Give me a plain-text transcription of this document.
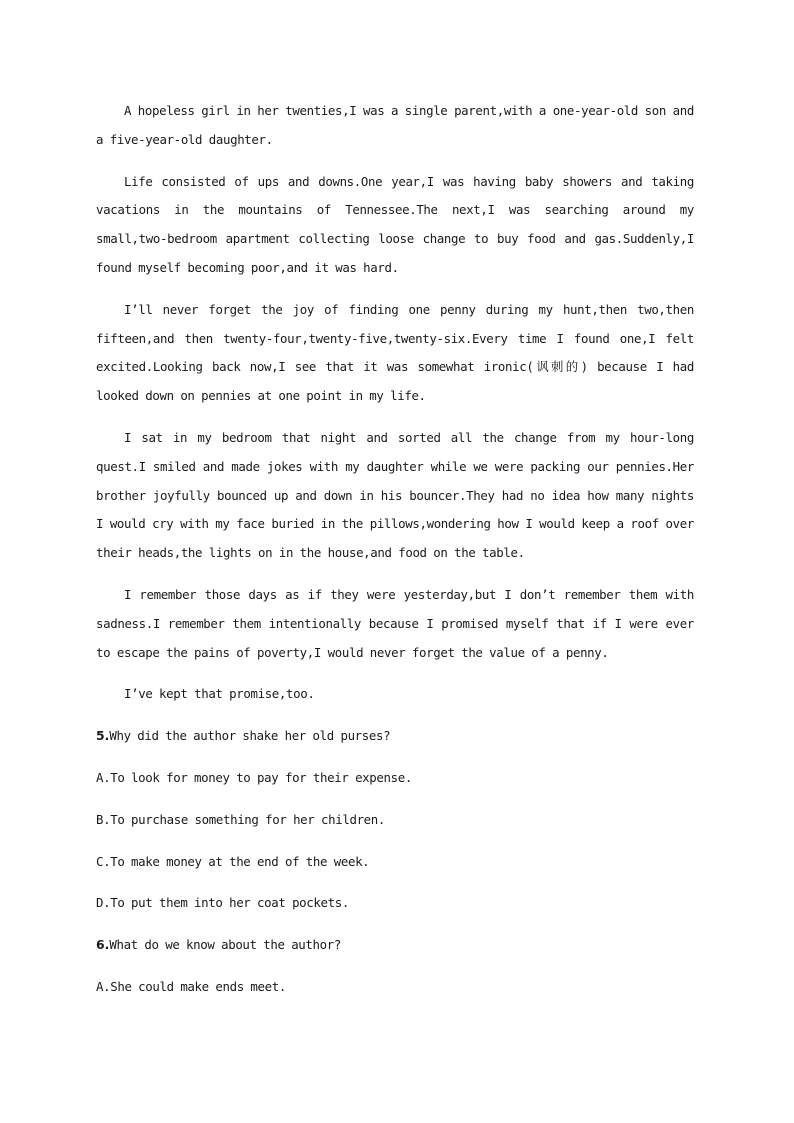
A hopeless girl in her twenties,I was a single parent,with a one-year-old son and a five-year-old daughter.

Life consisted of ups and downs.One year,I was having baby showers and taking vacations in the mountains of Tennessee.The next,I was searching around my small,two-bedroom apartment collecting loose change to buy food and gas.Suddenly,I found myself becoming poor,and it was hard.

I’ll never forget the joy of finding one penny during my hunt,then two,then fifteen,and then twenty-four,twenty-five,twenty-six.Every time I found one,I felt excited.Looking back now,I see that it was somewhat ironic(讽刺的) because I had looked down on pennies at one point in my life.

I sat in my bedroom that night and sorted all the change from my hour-long quest.I smiled and made jokes with my daughter while we were packing our pennies.Her brother joyfully bounced up and down in his bouncer.They had no idea how many nights I would cry with my face buried in the pillows,wondering how I would keep a roof over their heads,the lights on in the house,and food on the table.

I remember those days as if they were yesterday,but I don’t remember them with sadness.I remember them intentionally because I promised myself that if I were ever to escape the pains of poverty,I would never forget the value of a penny.

I’ve kept that promise,too.

5.Why did the author shake her old purses?

A.To look for money to pay for their expense.

B.To purchase something for her children.

C.To make money at the end of the week.

D.To put them into her coat pockets.

6.What do we know about the author?

A.She could make ends meet.
